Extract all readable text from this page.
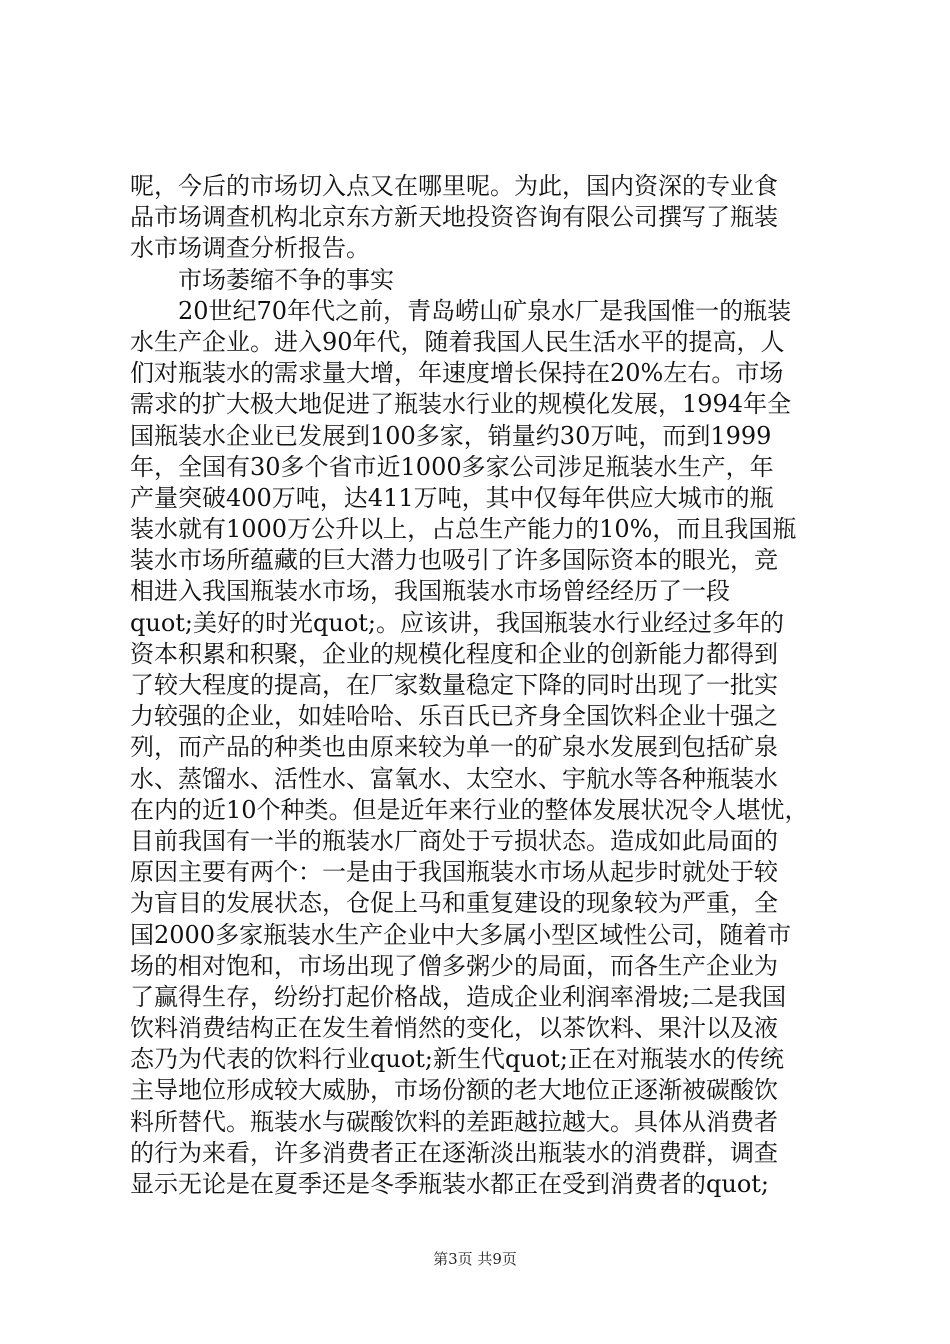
呢，今后的市场切入点又在哪里呢。为此，国内资深的专业食
品市场调查机构北京东方新天地投资咨询有限公司撰写了瓶装
水市场调查分析报告。
市场萎缩不争的事实
20世纪70年代之前，青岛崂山矿泉水厂是我国惟一的瓶装
水生产企业。进入90年代，随着我国人民生活水平的提高，人
们对瓶装水的需求量大增，年速度增长保持在20%左右。市场
需求的扩大极大地促进了瓶装水行业的规模化发展，1994年全
国瓶装水企业已发展到100多家，销量约30万吨，而到1999
年，全国有30多个省市近1000多家公司涉足瓶装水生产，年
产量突破400万吨，达411万吨，其中仅每年供应大城市的瓶
装水就有1000万公升以上，占总生产能力的10%，而且我国瓶
装水市场所蕴藏的巨大潜力也吸引了许多国际资本的眼光，竞
相进入我国瓶装水市场，我国瓶装水市场曾经经历了一段
quot;美好的时光quot;。应该讲，我国瓶装水行业经过多年的
资本积累和积聚，企业的规模化程度和企业的创新能力都得到
了较大程度的提高，在厂家数量稳定下降的同时出现了一批实
力较强的企业，如娃哈哈、乐百氏已齐身全国饮料企业十强之
列，而产品的种类也由原来较为单一的矿泉水发展到包括矿泉
水、蒸馏水、活性水、富氧水、太空水、宇航水等各种瓶装水
在内的近10个种类。但是近年来行业的整体发展状况令人堪忧，
目前我国有一半的瓶装水厂商处于亏损状态。造成如此局面的
原因主要有两个：一是由于我国瓶装水市场从起步时就处于较
为盲目的发展状态，仓促上马和重复建设的现象较为严重，全
国2000多家瓶装水生产企业中大多属小型区域性公司，随着市
场的相对饱和，市场出现了僧多粥少的局面，而各生产企业为
了赢得生存，纷纷打起价格战，造成企业利润率滑坡;二是我国
饮料消费结构正在发生着悄然的变化，以茶饮料、果汁以及液
态乃为代表的饮料行业quot;新生代quot;正在对瓶装水的传统
主导地位形成较大威胁，市场份额的老大地位正逐渐被碳酸饮
料所替代。瓶装水与碳酸饮料的差距越拉越大。具体从消费者
的行为来看，许多消费者正在逐渐淡出瓶装水的消费群，调查
显示无论是在夏季还是冬季瓶装水都正在受到消费者的quot;
第3页 共9页
